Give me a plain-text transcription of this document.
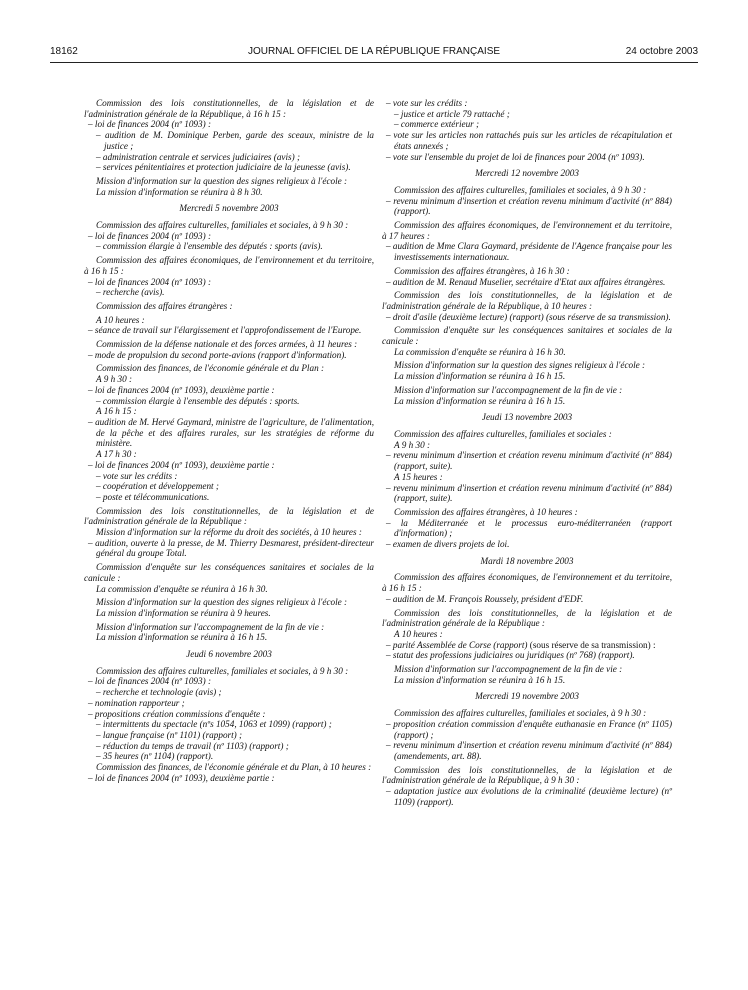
18162	JOURNAL OFFICIEL DE LA RÉPUBLIQUE FRANÇAISE	24 octobre 2003

Commission des lois constitutionnelles, de la législation et de l'administration générale de la République, à 16 h 15 :

– loi de finances 2004 (nº 1093) :

– audition de M. Dominique Perben, garde des sceaux, ministre de la justice ;

– administration centrale et services judiciaires (avis) ;

– services pénitentiaires et protection judiciaire de la jeunesse (avis).

Mission d'information sur la question des signes religieux à l'école :

La mission d'information se réunira à 8 h 30.

Mercredi 5 novembre 2003

Commission des affaires culturelles, familiales et sociales, à 9 h 30 :

– loi de finances 2004 (nº 1093) :

– commission élargie à l'ensemble des députés : sports (avis).

Commission des affaires économiques, de l'environnement et du territoire, à 16 h 15 :

– loi de finances 2004 (nº 1093) :

– recherche (avis).

Commission des affaires étrangères :

A 10 heures :

– séance de travail sur l'élargissement et l'approfondissement de l'Europe.

Commission de la défense nationale et des forces armées, à 11 heures :

– mode de propulsion du second porte-avions (rapport d'information).

Commission des finances, de l'économie générale et du Plan :

A 9 h 30 :

– loi de finances 2004 (nº 1093), deuxième partie :

– commission élargie à l'ensemble des députés : sports.

A 16 h 15 :

– audition de M. Hervé Gaymard, ministre de l'agriculture, de l'alimentation, de la pêche et des affaires rurales, sur les stratégies de réforme du ministère.

A 17 h 30 :

– loi de finances 2004 (nº 1093), deuxième partie :

– vote sur les crédits :

– coopération et développement ;

– poste et télécommunications.

Commission des lois constitutionnelles, de la législation et de l'administration générale de la République :

Mission d'information sur la réforme du droit des sociétés, à 10 heures :

– audition, ouverte à la presse, de M. Thierry Desmarest, président-directeur général du groupe Total.

Commission d'enquête sur les conséquences sanitaires et sociales de la canicule :

La commission d'enquête se réunira à 16 h 30.

Mission d'information sur la question des signes religieux à l'école :

La mission d'information se réunira à 9 heures.

Mission d'information sur l'accompagnement de la fin de vie :

La mission d'information se réunira à 16 h 15.

Jeudi 6 novembre 2003

Commission des affaires culturelles, familiales et sociales, à 9 h 30 :

– loi de finances 2004 (nº 1093) :

– recherche et technologie (avis) ;

– nomination rapporteur ;

– propositions création commissions d'enquête :

– intermittents du spectacle (nºs 1054, 1063 et 1099) (rapport) ;

– langue française (nº 1101) (rapport) ;

– réduction du temps de travail (nº 1103) (rapport) ;

– 35 heures (nº 1104) (rapport).

Commission des finances, de l'économie générale et du Plan, à 10 heures :

– loi de finances 2004 (nº 1093), deuxième partie :

– vote sur les crédits :

– justice et article 79 rattaché ;

– commerce extérieur ;

– vote sur les articles non rattachés puis sur les articles de récapitulation et états annexés ;

– vote sur l'ensemble du projet de loi de finances pour 2004 (nº 1093).

Mercredi 12 novembre 2003

Commission des affaires culturelles, familiales et sociales, à 9 h 30 :

– revenu minimum d'insertion et création revenu minimum d'activité (nº 884) (rapport).

Commission des affaires économiques, de l'environnement et du territoire, à 17 heures :

– audition de Mme Clara Gaymard, présidente de l'Agence française pour les investissements internationaux.

Commission des affaires étrangères, à 16 h 30 :

– audition de M. Renaud Muselier, secrétaire d'Etat aux affaires étrangères.

Commission des lois constitutionnelles, de la législation et de l'administration générale de la République, à 10 heures :

– droit d'asile (deuxième lecture) (rapport) (sous réserve de sa transmission).

Commission d'enquête sur les conséquences sanitaires et sociales de la canicule :

La commission d'enquête se réunira à 16 h 30.

Mission d'information sur la question des signes religieux à l'école :

La mission d'information se réunira à 16 h 15.

Mission d'information sur l'accompagnement de la fin de vie :

La mission d'information se réunira à 16 h 15.

Jeudi 13 novembre 2003

Commission des affaires culturelles, familiales et sociales :

A 9 h 30 :

– revenu minimum d'insertion et création revenu minimum d'activité (nº 884) (rapport, suite).

A 15 heures :

– revenu minimum d'insertion et création revenu minimum d'activité (nº 884) (rapport, suite).

Commission des affaires étrangères, à 10 heures :

– la Méditerranée et le processus euro-méditerranéen (rapport d'information) ;

– examen de divers projets de loi.

Mardi 18 novembre 2003

Commission des affaires économiques, de l'environnement et du territoire, à 16 h 15 :

– audition de M. François Roussely, président d'EDF.

Commission des lois constitutionnelles, de la législation et de l'administration générale de la République :

A 10 heures :

– parité Assemblée de Corse (rapport) (sous réserve de sa transmission) :

– statut des professions judiciaires ou juridiques (nº 768) (rapport).

Mission d'information sur l'accompagnement de la fin de vie :

La mission d'information se réunira à 16 h 15.

Mercredi 19 novembre 2003

Commission des affaires culturelles, familiales et sociales, à 9 h 30 :

– proposition création commission d'enquête euthanasie en France (nº 1105) (rapport) ;

– revenu minimum d'insertion et création revenu minimum d'activité (nº 884) (amendements, art. 88).

Commission des lois constitutionnelles, de la législation et de l'administration générale de la République, à 9 h 30 :

– adaptation justice aux évolutions de la criminalité (deuxième lecture) (nº 1109) (rapport).
